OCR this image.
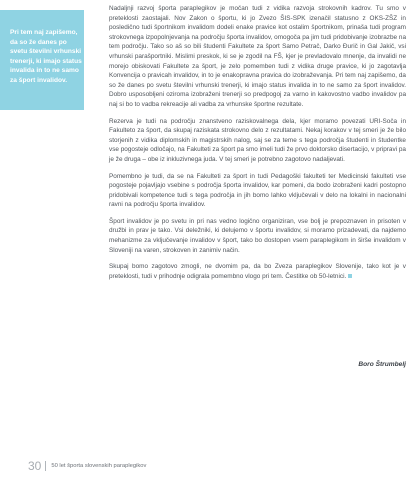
Pri tem naj zapišemo, da so že danes po svetu številni vrhunski trenerji, ki imajo status invalida in to ne samo za šport invalidov.

Nadaljnji razvoj športa paraplegikov je močan tudi z vidika razvoja strokovnih kadrov. Tu smo v preteklosti zaostajali. Nov Zakon o športu, ki jo Zvezo ŠIS-SPK izenačil statusno z OKS-ZŠZ in posledično tudi športnikom invalidom dodeli enake pravice kot ostalim športnikom, prinaša tudi program strokovnega izpopolnjevanja na področju športa invalidov, omogoča pa jim tudi pridobivanje izobrazbe na tem področju. Tako so aš so bili študenti Fakultete za šport Samo Petrač, Darko Đurič in Gal Jakič, vsi vrhunski parašportniki. Mislimi preskok, ki se je zgodil na FŠ, kjer je prevladovalo mnenje, da invalidi ne morejo obiskovati Fakultete za šport, je zelo pomemben tudi z vidika druge pravice, ki jo zagotavlja Konvencija o pravicah invalidov, in to je enakopravna pravica do izobraževanja. Pri tem naj zapišemo, da so že danes po svetu številni vrhunski trenerji, ki imajo status invalida in to ne samo za šport invalidov. Dobro usposobljeni oziroma izobraženi trenerji so predpogoj za varno in kakovostno vadbo invalidov pa naj si bo to vadba rekreacije ali vadba za vrhunske športne rezultate.

Rezerva je tudi na področju znanstveno raziskovalnega dela, kjer moramo povezati URI-Soča in Fakulteto za šport, da skupaj raziskata strokovno delo z rezultatami. Nekaj korakov v tej smeri je že bilo storjenih z vidika diplomskih in magistrskih nalog, saj se za teme s tega področja študenti in študentke vse pogosteje odločajo, na Fakulteti za šport pa smo imeli tudi že prvo doktorsko disertacijo, v pripravi pa je že druga – obe iz inkluzivnega juda. V tej smeri je potrebno zagotovo nadaljevati.

Pomembno je tudi, da se na Fakulteti za šport in tudi Pedagoški fakulteti ter Medicinski fakulteti vse pogosteje pojavljajo vsebine s področja športa invalidov, kar pomeni, da bodo izobraženi kadri postopno pridobivali kompetence tudi s tega področja in jih bomo lahko vključevali v delo na lokalni in nacionalni ravni na področju športa invalidov.

Šport invalidov je po svetu in pri nas vedno logično organiziran, vse bolj je prepoznaven in prisoten v družbi in prav je tako. Vsi deležniki, ki delujemo v športu invalidov, si moramo prizadevati, da najdemo mehanizme za vključevanje invalidov v šport, tako bo dostopen vsem paraplegikom in širše invalidom v Sloveniji na varen, strokoven in zanimiv način.

Skupaj bomo zagotovo zmogli, ne dvomim pa, da bo Zveza paraplegikov Slovenije, tako kot je v preteklosti, tudi v prihodnje odigrala pomembno vlogo pri tem. Čestitke ob 50-letnici.

Boro Štrumbelj
30 50 let športa slovenskih paraplegikov
